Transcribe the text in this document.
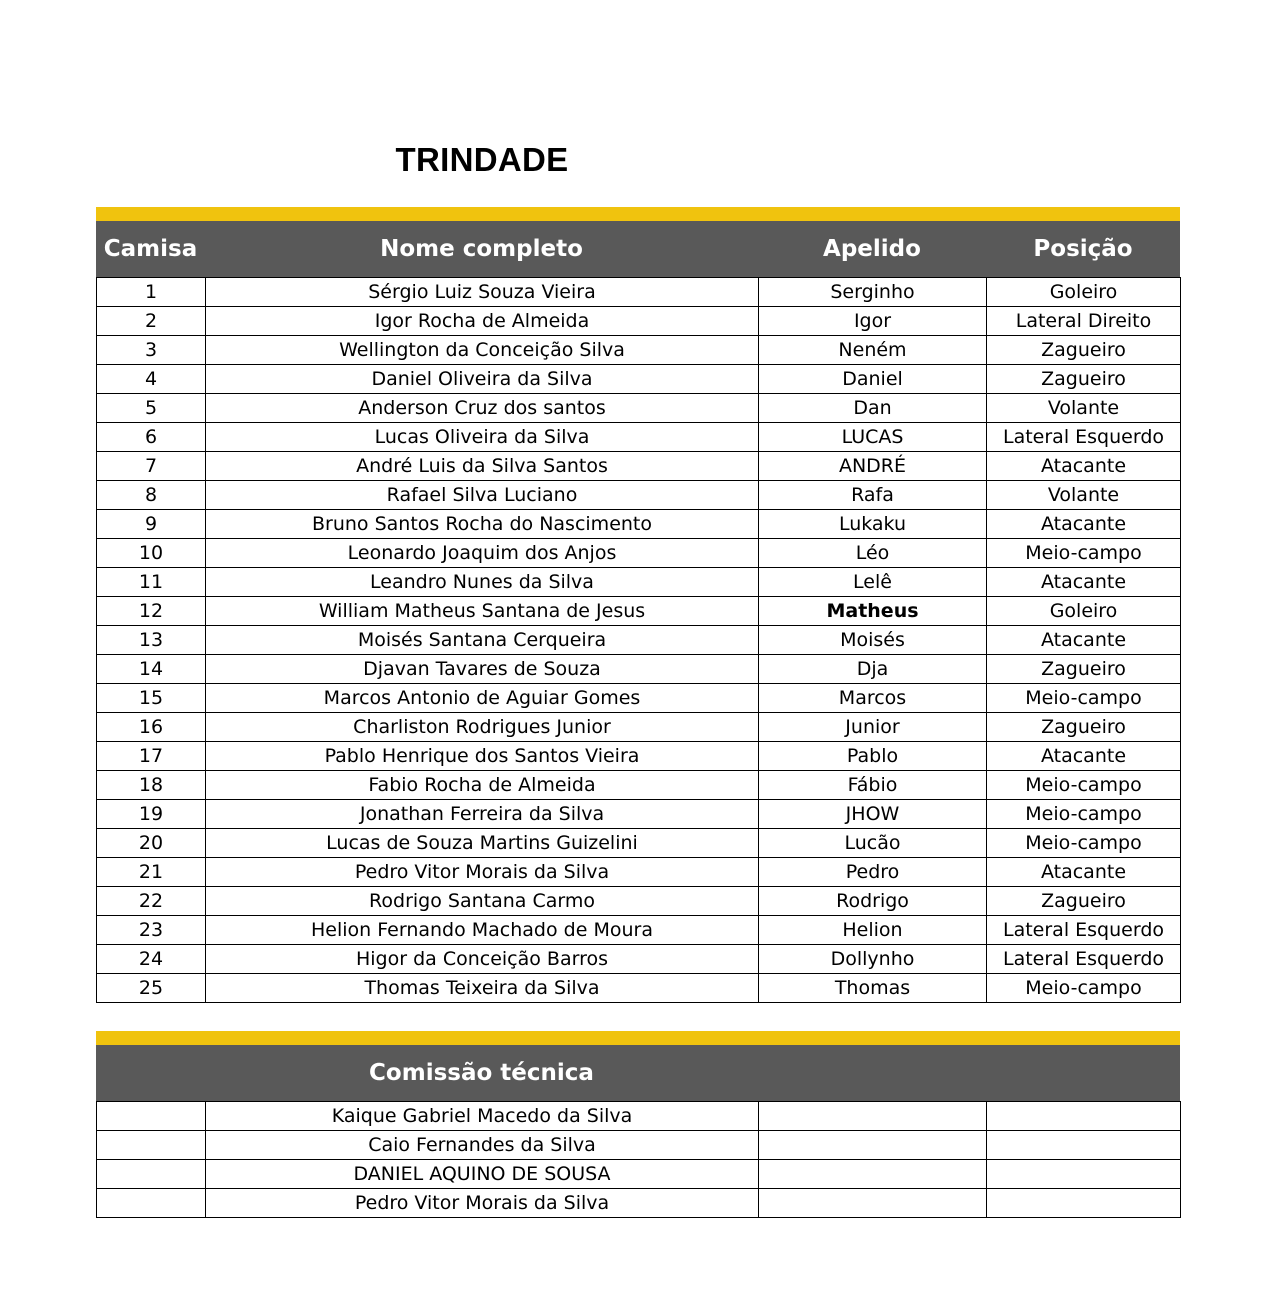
TRINDADE
Camisa	Nome completo	Apelido	Posição
1	Sérgio Luiz Souza Vieira	Serginho	Goleiro
2	Igor Rocha de Almeida	Igor	Lateral Direito
3	Wellington da Conceição Silva	Neném	Zagueiro
4	Daniel Oliveira da Silva	Daniel	Zagueiro
5	Anderson Cruz dos santos	Dan	Volante
6	Lucas Oliveira da Silva	LUCAS	Lateral Esquerdo
7	André Luis da Silva Santos	ANDRÉ	Atacante
8	Rafael Silva Luciano	Rafa	Volante
9	Bruno Santos Rocha do Nascimento	Lukaku	Atacante
10	Leonardo Joaquim dos Anjos	Léo	Meio-campo
11	Leandro Nunes da Silva	Lelê	Atacante
12	William Matheus Santana de Jesus	Matheus	Goleiro
13	Moisés Santana Cerqueira	Moisés	Atacante
14	Djavan Tavares de Souza	Dja	Zagueiro
15	Marcos Antonio de Aguiar Gomes	Marcos	Meio-campo
16	Charliston Rodrigues Junior	Junior	Zagueiro
17	Pablo Henrique dos Santos Vieira	Pablo	Atacante
18	Fabio Rocha de Almeida	Fábio	Meio-campo
19	Jonathan Ferreira da Silva	JHOW	Meio-campo
20	Lucas de Souza Martins Guizelini	Lucão	Meio-campo
21	Pedro Vitor Morais da Silva	Pedro	Atacante
22	Rodrigo Santana Carmo	Rodrigo	Zagueiro
23	Helion Fernando Machado de Moura	Helion	Lateral Esquerdo
24	Higor da Conceição Barros	Dollynho	Lateral Esquerdo
25	Thomas Teixeira da Silva	Thomas	Meio-campo
Comissão técnica
	Kaique Gabriel Macedo da Silva		
	Caio Fernandes da Silva		
	DANIEL AQUINO DE SOUSA		
	Pedro Vitor Morais da Silva		
